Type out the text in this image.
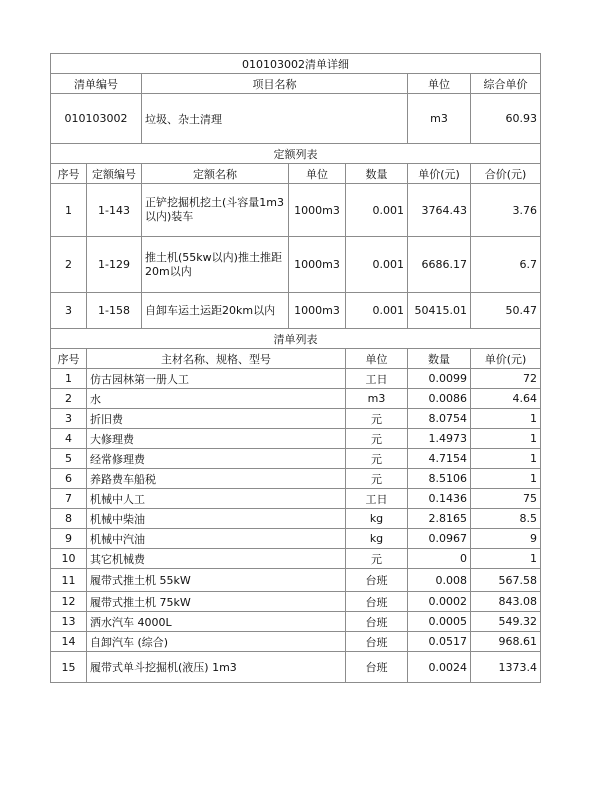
010103002清单详细							
清单编号		项目名称			单位	综合单价	
010103002		垃圾、杂土清理			m3	60.93	
定额列表							
序号	定额编号	定额名称	单位	数量	单价(元)	合价(元)	
1	1-143	正铲挖掘机挖土(斗容量1m3以内)装车	1000m3	0.001	3764.43	3.76	
2	1-129	推土机(55kw以内)推土推距20m以内	1000m3	0.001	6686.17	6.7	
3	1-158	自卸车运土运距20km以内	1000m3	0.001	50415.01	50.47	
清单列表							
序号	主材名称、规格、型号			单位	数量	单价(元)	
1	仿古园林第一册人工			工日	0.0099	72	
2	水			m3	0.0086	4.64	
3	折旧费			元	8.0754	1	
4	大修理费			元	1.4973	1	
5	经常修理费			元	4.7154	1	
6	养路费车船税			元	8.5106	1	
7	机械中人工			工日	0.1436	75	
8	机械中柴油			kg	2.8165	8.5	
9	机械中汽油			kg	0.0967	9	
10	其它机械费			元	0	1	
11	履带式推土机 55kW			台班	0.008	567.58	
12	履带式推土机 75kW			台班	0.0002	843.08	
13	洒水汽车 4000L			台班	0.0005	549.32	
14	自卸汽车 (综合)			台班	0.0517	968.61	
15	履带式单斗挖掘机(液压) 1m3			台班	0.0024	1373.4	
